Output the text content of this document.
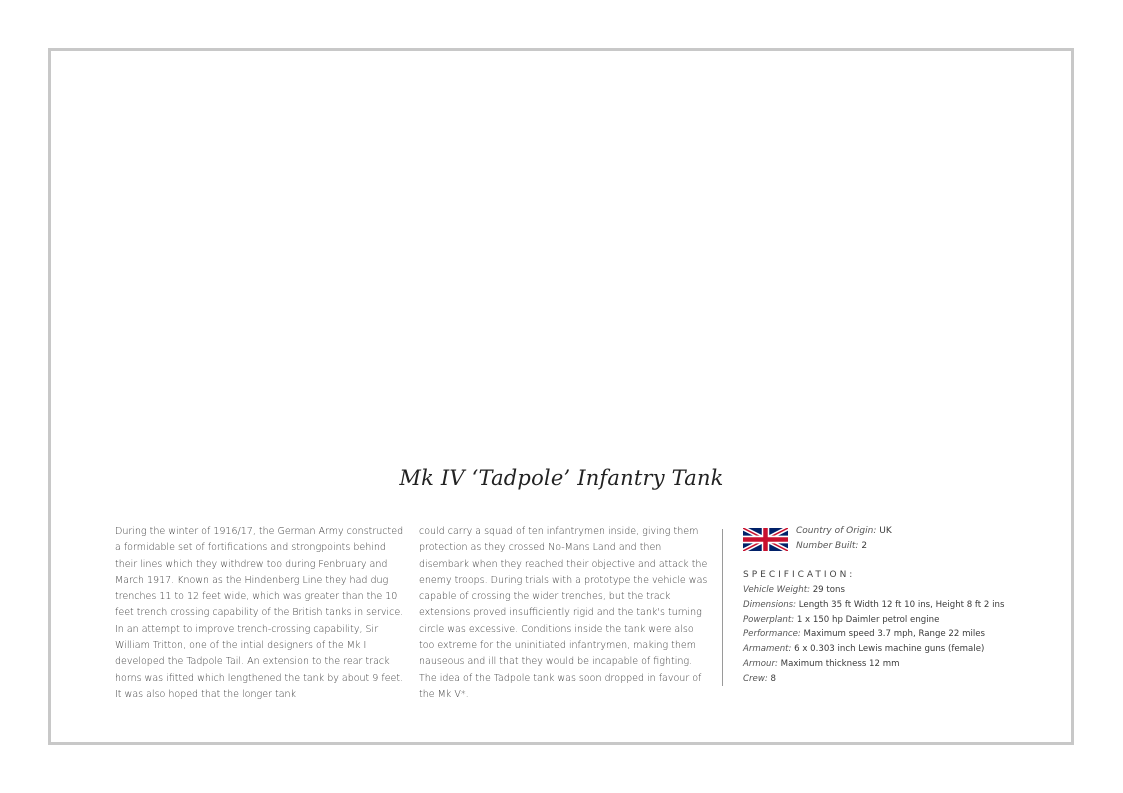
Mk IV ‘Tadpole’ Infantry Tank
During the winter of 1916/17, the German Army constructed a formidable set of fortifications and strongpoints behind their lines which they withdrew too during Fenbruary and March 1917. Known as the Hindenberg Line they had dug trenches 11 to 12 feet wide, which was greater than the 10 feet trench crossing capability of the British tanks in service. In an attempt to improve trench-crossing capability, Sir William Tritton, one of the intial designers of the Mk I developed the Tadpole Tail. An extension to the rear track horns was ifitted which lengthened the tank by about 9 feet. It was also hoped that the longer tank
could carry a squad of ten infantrymen inside, giving them protection as they crossed No-Mans Land and then disembark when they reached their objective and attack the enemy troops. During trials with a prototype the vehicle was capable of crossing the wider trenches, but the track extensions proved insufficiently rigid and the tank's turning circle was excessive. Conditions inside the tank were also too extreme for the uninitiated infantrymen, making them nauseous and ill that they would be incapable of fighting. The idea of the Tadpole tank was soon dropped in favour of the Mk V*.
Country of Origin: UK
Number Built: 2
SPECIFICATION:
Vehicle Weight: 29 tons
Dimensions: Length 35 ft Width 12 ft 10 ins, Height 8 ft 2 ins
Powerplant: 1 x 150 hp Daimler petrol engine
Performance: Maximum speed 3.7 mph, Range 22 miles
Armament: 6 x 0.303 inch Lewis machine guns (female)
Armour: Maximum thickness 12 mm
Crew: 8
